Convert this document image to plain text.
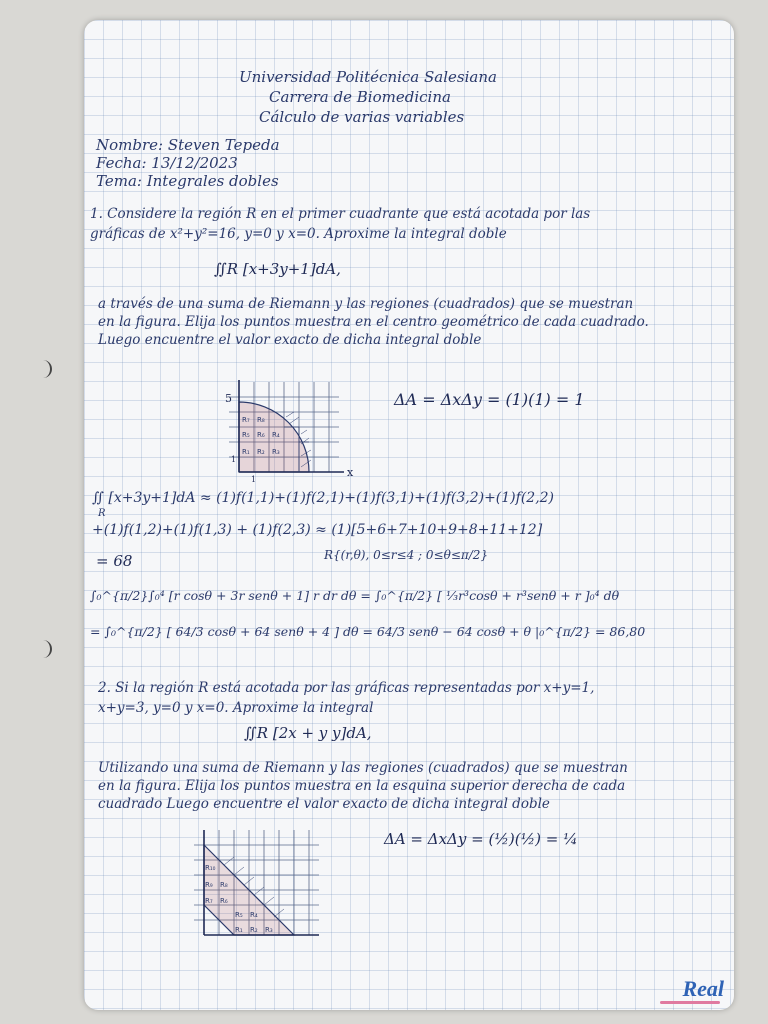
Universidad Politécnica Salesiana
Carrera de Biomedicina
Cálculo de varias variables
Nombre: Steven Tepeda
Fecha: 13/12/2023
Tema: Integrales dobles
1. Considere la región R en el primer cuadrante que está acotada por las
gráficas de x²+y²=16, y=0 y x=0. Aproxime la integral doble
∬R [x+3y+1]dA,
a través de una suma de Riemann y las regiones (cuadrados) que se muestran
en la figura. Elija los puntos muestra en el centro geométrico de cada cuadrado.
Luego encuentre el valor exacto de dicha integral doble
R₇ R₈
R₅ R₆ R₄
R₁ R₂ R₃
5
x
1
1
ΔA = ΔxΔy = (1)(1) = 1
∬ [x+3y+1]dA ≈ (1)f(1,1)+(1)f(2,1)+(1)f(3,1)+(1)f(3,2)+(1)f(2,2)
R
+(1)f(1,2)+(1)f(1,3) + (1)f(2,3) ≈ (1)[5+6+7+10+9+8+11+12]
= 68	R{(r,θ), 0≤r≤4 ; 0≤θ≤π/2}
∫₀^{π/2}∫₀⁴ [r cosθ + 3r senθ + 1] r dr dθ = ∫₀^{π/2} [ ⅓r³cosθ + r³senθ + r ]₀⁴ dθ
= ∫₀^{π/2} [ 64/3 cosθ + 64 senθ + 4 ] dθ = 64/3 senθ − 64 cosθ + θ |₀^{π/2} = 86,80
2. Si la región R está acotada por las gráficas representadas por x+y=1,
x+y=3, y=0 y x=0. Aproxime la integral
∬R [2x + y y]dA,
Utilizando una suma de Riemann y las regiones (cuadrados) que se muestran
en la figura. Elija los puntos muestra en la esquina superior derecha de cada
cuadrado Luego encuentre el valor exacto de dicha integral doble
R₁₀
R₉
R₇ R₆
R₈
R₅ R₄
R₁ R₂ R₃
ΔA = ΔxΔy = (½)(½) = ¼
Real
